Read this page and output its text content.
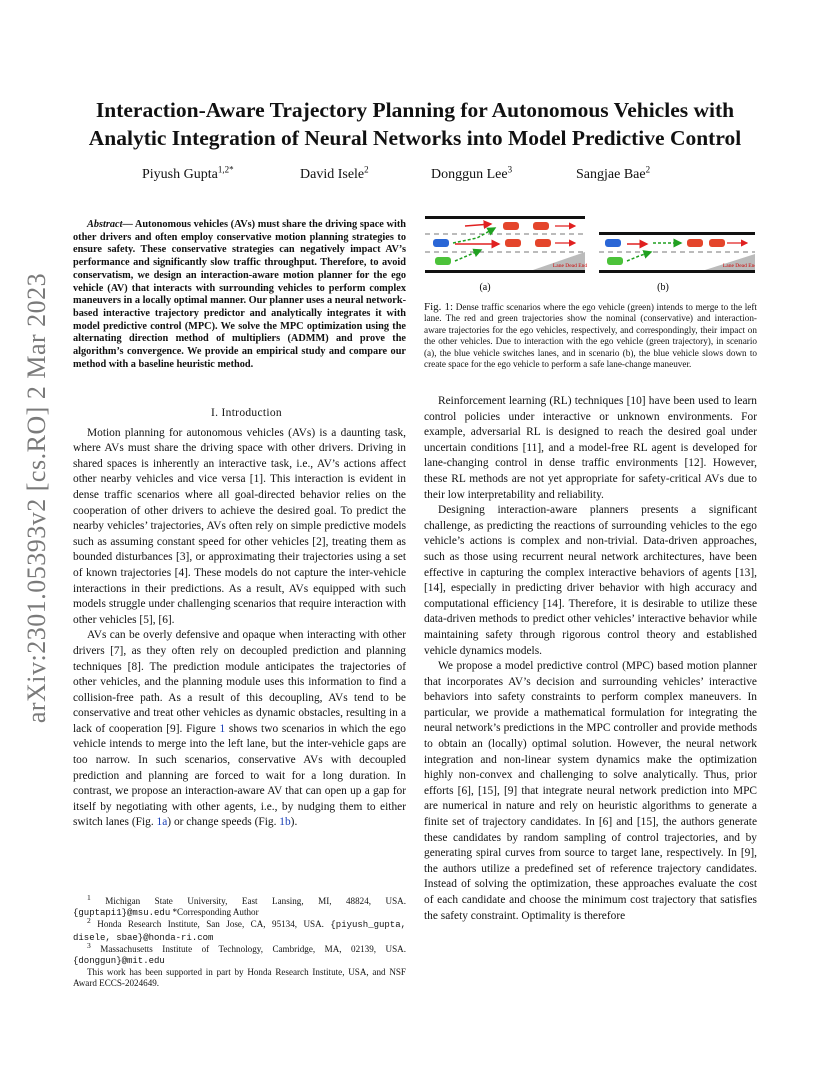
arXiv:2301.05393v2 [cs.RO] 2 Mar 2023
Interaction-Aware Trajectory Planning for Autonomous Vehicles with Analytic Integration of Neural Networks into Model Predictive Control
Piyush Gupta$^{1,2*}$	David Isele$^2$	Donggun Lee$^3$	Sangjae Bae$^2$

Abstract— Autonomous vehicles (AVs) must share the driving space with other drivers and often employ conservative motion planning strategies to ensure safety. These conservative strategies can negatively impact AV’s performance and significantly slow traffic throughput. Therefore, to avoid conservatism, we design an interaction-aware motion planner for the ego vehicle (AV) that interacts with surrounding vehicles to perform complex maneuvers in a locally optimal manner. Our planner uses a neural network-based interactive trajectory predictor and analytically integrates it with model predictive control (MPC). We solve the MPC optimization using the alternating direction method of multipliers (ADMM) and prove the algorithm’s convergence. We provide an empirical study and compare our method with a baseline heuristic method.

I. Introduction

Motion planning for autonomous vehicles (AVs) is a daunting task, where AVs must share the driving space with other drivers. Driving in shared spaces is inherently an interactive task, i.e., AV’s actions affect other nearby vehicles and vice versa [1]. This interaction is evident in dense traffic scenarios where all goal-directed behavior relies on the cooperation of other drivers to achieve the desired goal. To predict the nearby vehicles’ trajectories, AVs often rely on simple predictive models such as assuming constant speed for other vehicles [2], treating them as bounded disturbances [3], or approximating their trajectories using a set of known trajectories [4]. These models do not capture the inter-vehicle interactions in their predictions. As a result, AVs equipped with such models struggle under challenging scenarios that require interaction with other vehicles [5], [6].

AVs can be overly defensive and opaque when interacting with other drivers [7], as they often rely on decoupled prediction and planning techniques [8]. The prediction module anticipates the trajectories of other vehicles, and the planning module uses this information to find a collision-free path. As a result of this decoupling, AVs tend to be conservative and treat other vehicles as dynamic obstacles, resulting in a lack of cooperation [9]. Figure 1 shows two scenarios in which the ego vehicle intends to merge into the left lane, but the inter-vehicle gaps are too narrow. In such scenarios, conservative AVs with decoupled prediction and planning are forced to wait for a long duration. In contrast, we propose an interaction-aware AV that can open up a gap for itself by negotiating with other agents, i.e., by nudging them to either switch lanes (Fig. 1a) or change speeds (Fig. 1b).

$^1$ Michigan State University, East Lansing, MI, 48824, USA. {guptapi1}@msu.edu *Corresponding Author

$^2$ Honda Research Institute, San Jose, CA, 95134, USA. {piyush_gupta, disele, sbae}@honda-ri.com

$^3$ Massachusetts Institute of Technology, Cambridge, MA, 02139, USA. {donggun}@mit.edu

This work has been supported in part by Honda Research Institute, USA, and NSF Award ECCS-2024649.

Lane Dead End	Lane Dead End
(a)	(b)

Fig. 1: Dense traffic scenarios where the ego vehicle (green) intends to merge to the left lane. The red and green trajectories show the nominal (conservative) and interaction-aware trajectories for the ego vehicles, respectively, and correspondingly, their impact on the other vehicles. Due to interaction with the ego vehicle (green trajectory), in scenario (a), the blue vehicle switches lanes, and in scenario (b), the blue vehicle slows down to create space for the ego vehicle to perform a safe lane-change maneuver.

Reinforcement learning (RL) techniques [10] have been used to learn control policies under interactive or unknown environments. For example, adversarial RL is designed to reach the desired goal under uncertain conditions [11], and a model-free RL agent is developed for lane-changing control in dense traffic environments [12]. However, these RL methods are not yet appropriate for safety-critical AVs due to their low interpretability and reliability.

Designing interaction-aware planners presents a significant challenge, as predicting the reactions of surrounding vehicles to the ego vehicle’s actions is complex and non-trivial. Data-driven approaches, such as those using recurrent neural network architectures, have been effective in capturing the complex interactive behaviors of agents [13], [14], especially in predicting driver behavior with high accuracy and computational efficiency [14]. Therefore, it is desirable to utilize these data-driven methods to predict other vehicles’ interactive behavior while maintaining safety through rigorous control theory and established vehicle dynamics models.

We propose a model predictive control (MPC) based motion planner that incorporates AV’s decision and surrounding vehicles’ interactive behaviors into safety constraints to perform complex maneuvers. In particular, we provide a mathematical formulation for integrating the neural network’s predictions in the MPC controller and provide methods to obtain an (locally) optimal solution. However, the neural network integration and non-linear system dynamics make the optimization highly non-convex and challenging to solve analytically. Thus, prior efforts [6], [15], [9] that integrate neural network prediction into MPC are numerical in nature and rely on heuristic algorithms to generate a finite set of trajectory candidates. In [6] and [15], the authors generate these candidates by random sampling of control trajectories, and by generating spiral curves from source to target lane, respectively. In [9], the authors utilize a predefined set of reference trajectory candidates. Instead of solving the optimization, these approaches evaluate the cost of each candidate and choose the minimum cost trajectory that satisfies the safety constraint. Optimality is therefore
